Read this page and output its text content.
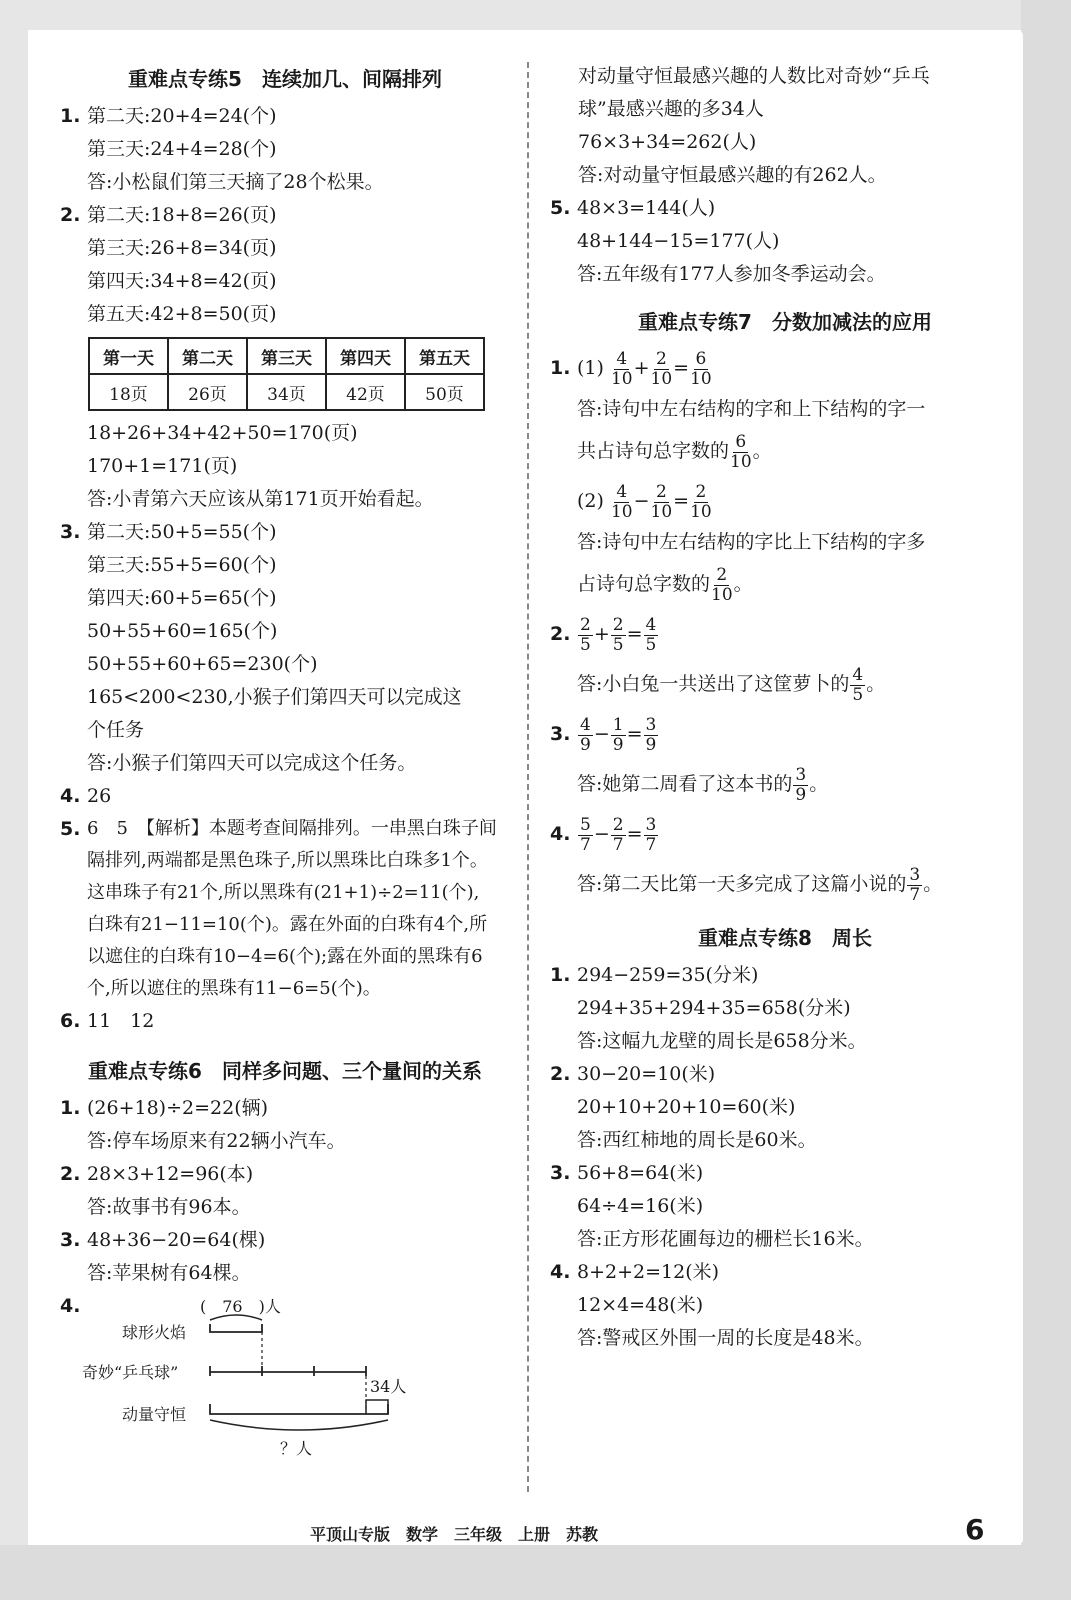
重难点专练5　连续加几、间隔排列
1. 第二天:20+4=24(个)
第三天:24+4=28(个)
答:小松鼠们第三天摘了28个松果。
2. 第二天:18+8=26(页)
第三天:26+8=34(页)
第四天:34+8=42(页)
第五天:42+8=50(页)
第一天	第二天	第三天	第四天	第五天
18页	26页	34页	42页	50页
18+26+34+42+50=170(页)
170+1=171(页)
答:小青第六天应该从第171页开始看起。
3. 第二天:50+5=55(个)
第三天:55+5=60(个)
第四天:60+5=65(个)
50+55+60=165(个)
50+55+60+65=230(个)
165<200<230,小猴子们第四天可以完成这
个任务
答:小猴子们第四天可以完成这个任务。
4. 26
5. 6　5　【解析】本题考查间隔排列。一串黑白珠子间隔排列,两端都是黑色珠子,所以黑珠比白珠多1个。这串珠子有21个,所以黑珠有(21+1)÷2=11(个),白珠有21−11=10(个)。露在外面的白珠有4个,所以遮住的白珠有10−4=6(个);露在外面的黑珠有6个,所以遮住的黑珠有11−6=5(个)。
6. 11　12
重难点专练6　同样多问题、三个量间的关系
1. (26+18)÷2=22(辆)
答:停车场原来有22辆小汽车。
2. 28×3+12=96(本)
答:故事书有96本。
3. 48+36−20=64(棵)
答:苹果树有64棵。
4.	(　76　)人
球形火焰
奇妙“乒乓球”
动量守恒
34人
？人
对动量守恒最感兴趣的人数比对奇妙“乒乓
球”最感兴趣的多34人
76×3+34=262(人)
答:对动量守恒最感兴趣的有262人。
5. 48×3=144(人)
48+144−15=177(人)
答:五年级有177人参加冬季运动会。
重难点专练7　分数加减法的应用
1. $(1) \frac{4}{10} + \frac{2}{10} = \frac{6}{10}$
答:诗句中左右结构的字和上下结构的字一
共占诗句总字数的 $\frac{6}{10}$ 。
$(2) \frac{4}{10} - \frac{2}{10} = \frac{2}{10}$
答:诗句中左右结构的字比上下结构的字多
占诗句总字数的 $\frac{2}{10}$ 。
2. $\frac{2}{5} + \frac{2}{5} = \frac{4}{5}$
答:小白兔一共送出了这筐萝卜的 $\frac{4}{5}$ 。
3. $\frac{4}{9} - \frac{1}{9} = \frac{3}{9}$
答:她第二周看了这本书的 $\frac{3}{9}$ 。
4. $\frac{5}{7} - \frac{2}{7} = \frac{3}{7}$
答:第二天比第一天多完成了这篇小说的 $\frac{3}{7}$ 。
重难点专练8　周长
1. 294−259=35(分米)
294+35+294+35=658(分米)
答:这幅九龙壁的周长是658分米。
2. 30−20=10(米)
20+10+20+10=60(米)
答:西红柿地的周长是60米。
3. 56+8=64(米)
64÷4=16(米)
答:正方形花圃每边的栅栏长16米。
4. 8+2+2=12(米)
12×4=48(米)
答:警戒区外围一周的长度是48米。
平顶山专版　数学　三年级　上册　苏教	6
